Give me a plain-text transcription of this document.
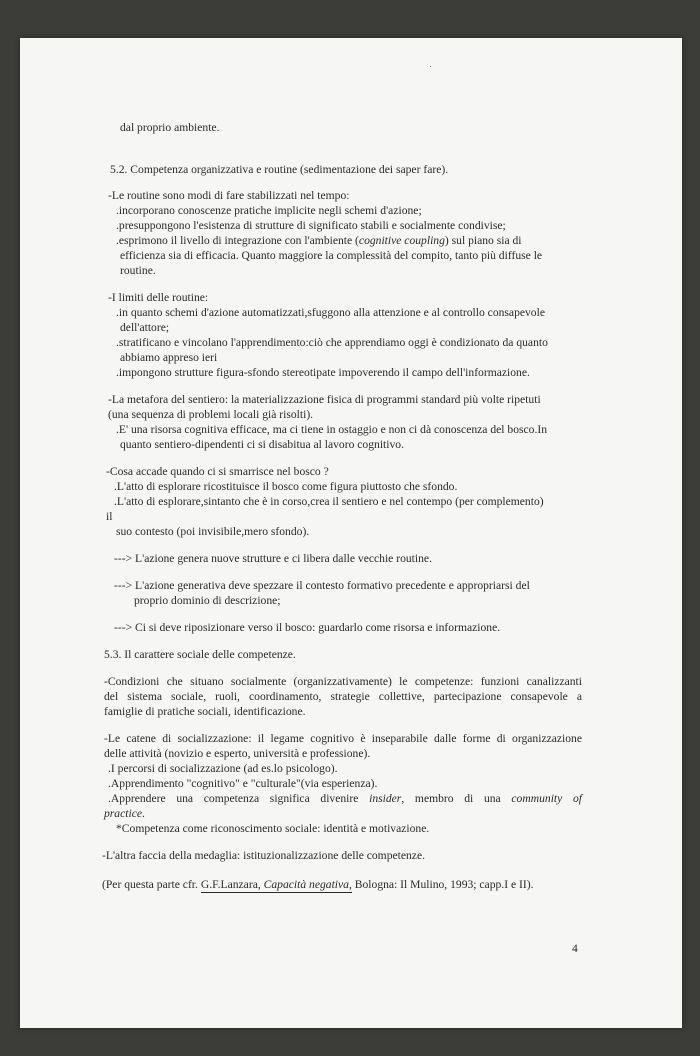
dal proprio ambiente.
5.2. Competenza organizzativa e routine (sedimentazione dei saper fare).
-Le routine sono modi di fare stabilizzati nel tempo:
.incorporano conoscenze pratiche implicite negli schemi d'azione;
.presuppongono l'esistenza di strutture di significato stabili e socialmente condivise;
.esprimono il livello di integrazione con l'ambiente (cognitive coupling) sul piano sia di
efficienza sia di efficacia. Quanto maggiore la complessità del compito, tanto più diffuse le
routine.
-I limiti delle routine:
.in quanto schemi d'azione automatizzati,sfuggono alla attenzione e al controllo consapevole
dell'attore;
.stratificano e vincolano l'apprendimento:ciò che apprendiamo oggi è condizionato da quanto
abbiamo appreso ieri
.impongono strutture figura-sfondo stereotipate impoverendo il campo dell'informazione.
-La metafora del sentiero: la materializzazione fisica di programmi standard più volte ripetuti
(una sequenza di problemi locali già risolti).
.E' una risorsa cognitiva efficace, ma ci tiene in ostaggio e non ci dà conoscenza del bosco.In
quanto sentiero-dipendenti ci si disabitua al lavoro cognitivo.
-Cosa accade quando ci si smarrisce nel bosco ?
.L'atto di esplorare ricostituisce il bosco come figura piuttosto che sfondo.
.L'atto di esplorare,sintanto che è in corso,crea il sentiero e nel contempo (per complemento)
il
suo contesto (poi invisibile,mero sfondo).
---> L'azione genera nuove strutture e ci libera dalle vecchie routine.
---> L'azione generativa deve spezzare il contesto formativo precedente e appropriarsi del
proprio dominio di descrizione;
---> Ci si deve riposizionare verso il bosco: guardarlo come risorsa e informazione.
5.3. Il carattere sociale delle competenze.
-Condizioni che situano socialmente (organizzativamente) le competenze: funzioni canalizzanti
del sistema sociale, ruoli, coordinamento, strategie collettive, partecipazione consapevole a
famiglie di pratiche sociali, identificazione.
-Le catene di socializzazione: il legame cognitivo è inseparabile dalle forme di organizzazione
delle attività (novizio e esperto, università e professione).
.I percorsi di socializzazione (ad es.lo psicologo).
.Apprendimento "cognitivo" e "culturale"(via esperienza).
.Apprendere una competenza significa divenire insider, membro di una community of
practice.
*Competenza come riconoscimento sociale: identità e motivazione.
-L'altra faccia della medaglia: istituzionalizzazione delle competenze.
(Per questa parte cfr. G.F.Lanzara, Capacità negativa, Bologna: Il Mulino, 1993; capp.I e II).
4
